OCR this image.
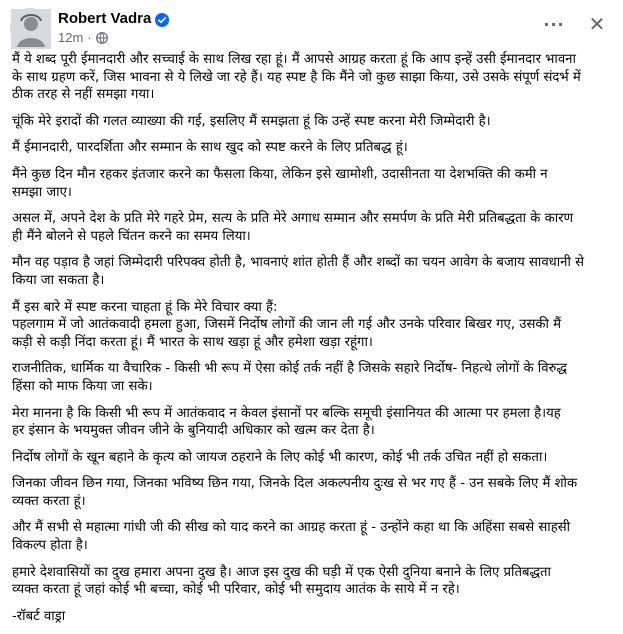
Robert Vadra
12m ·
··· ✕

मैं ये शब्द पूरी ईमानदारी और सच्चाई के साथ लिख रहा हूं। मैं आपसे आग्रह करता हूं कि आप इन्हें उसी ईमानदार भावना
के साथ ग्रहण करें, जिस भावना से ये लिखे जा रहे हैं। यह स्पष्ट है कि मैंने जो कुछ साझा किया, उसे उसके संपूर्ण संदर्भ में
ठीक तरह से नहीं समझा गया।

चूंकि मेरे इरादों की गलत व्याख्या की गई, इसलिए मैं समझता हूं कि उन्हें स्पष्ट करना मेरी जिम्मेदारी है।

मैं ईमानदारी, पारदर्शिता और सम्मान के साथ खुद को स्पष्ट करने के लिए प्रतिबद्ध हूं।

मैंने कुछ दिन मौन रहकर इंतजार करने का फैसला किया, लेकिन इसे खामोशी, उदासीनता या देशभक्ति की कमी न
समझा जाए।

असल में, अपने देश के प्रति मेरे गहरे प्रेम, सत्य के प्रति मेरे अगाध सम्मान और समर्पण के प्रति मेरी प्रतिबद्धता के कारण
ही मैंने बोलने से पहले चिंतन करने का समय लिया।

मौन वह पड़ाव है जहां जिम्मेदारी परिपक्व होती है, भावनाएं शांत होती हैं और शब्दों का चयन आवेग के बजाय सावधानी से
किया जा सकता है।

मैं इस बारे में स्पष्ट करना चाहता हूं कि मेरे विचार क्या हैं:
पहलगाम में जो आतंकवादी हमला हुआ, जिसमें निर्दोष लोगों की जान ली गई और उनके परिवार बिखर गए, उसकी मैं
कड़ी से कड़ी निंदा करता हूं। मैं भारत के साथ खड़ा हूं और हमेशा खड़ा रहूंगा।

राजनीतिक, धार्मिक या वैचारिक - किसी भी रूप में ऐसा कोई तर्क नहीं है जिसके सहारे निर्दोष- निहत्थे लोगों के विरुद्ध
हिंसा को माफ किया जा सके।

मेरा मानना है कि किसी भी रूप में आतंकवाद न केवल इंसानों पर बल्कि समूची इंसानियत की आत्मा पर हमला है।यह
हर इंसान के भयमुक्त जीवन जीने के बुनियादी अधिकार को खत्म कर देता है।

निर्दोष लोगों के खून बहाने के कृत्य को जायज ठहराने के लिए कोई भी कारण, कोई भी तर्क उचित नहीं हो सकता।

जिनका जीवन छिन गया, जिनका भविष्य छिन गया, जिनके दिल अकल्पनीय दुःख से भर गए हैं - उन सबके लिए मैं शोक
व्यक्त करता हूं।

और मैं सभी से महात्मा गांधी जी की सीख को याद करने का आग्रह करता हूं - उन्होंने कहा था कि अहिंसा सबसे साहसी
विकल्प होता है।

हमारे देशवासियों का दुख हमारा अपना दुख है। आज इस दुख की घड़ी में एक ऐसी दुनिया बनाने के लिए प्रतिबद्धता
व्यक्त करता हूं जहां कोई भी बच्चा, कोई भी परिवार, कोई भी समुदाय आतंक के साये में न रहे।

-रॉबर्ट वाड्रा
